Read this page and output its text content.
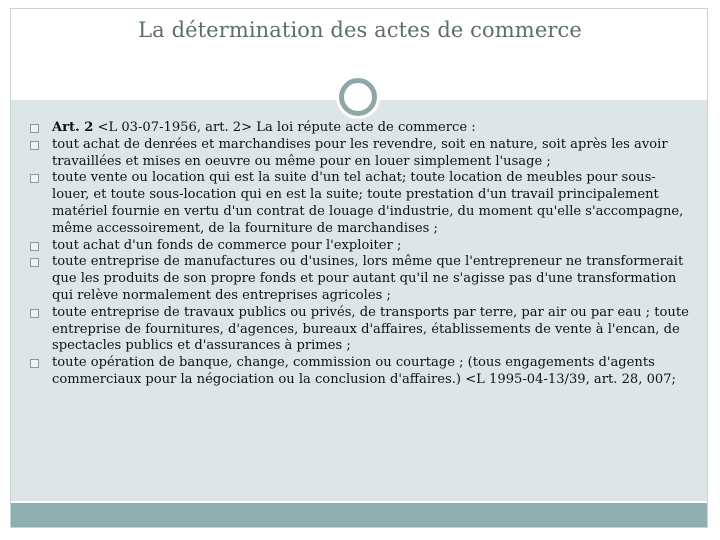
La détermination des actes de commerce
Art. 2 <L 03-07-1956, art. 2> La loi répute acte de commerce :
tout achat de denrées et marchandises pour les revendre, soit en nature, soit après les avoir travaillées et mises en oeuvre ou même pour en louer simplement l'usage ;
toute vente ou location qui est la suite d'un tel achat; toute location de meubles pour sous-louer, et toute sous-location qui en est la suite; toute prestation d'un travail principalement matériel fournie en vertu d'un contrat de louage d'industrie, du moment qu'elle s'accompagne, même accessoirement, de la fourniture de marchandises ;
tout achat d'un fonds de commerce pour l'exploiter ;
toute entreprise de manufactures ou d'usines, lors même que l'entrepreneur ne transformerait que les produits de son propre fonds et pour autant qu'il ne s'agisse pas d'une transformation qui relève normalement des entreprises agricoles ;
toute entreprise de travaux publics ou privés, de transports par terre, par air ou par eau ; toute entreprise de fournitures, d'agences, bureaux d'affaires, établissements de vente à l'encan, de spectacles publics et d'assurances à primes ;
toute opération de banque, change, commission ou courtage ; (tous engagements d'agents commerciaux pour la négociation ou la conclusion d'affaires.) <L 1995-04-13/39, art. 28, 007;
